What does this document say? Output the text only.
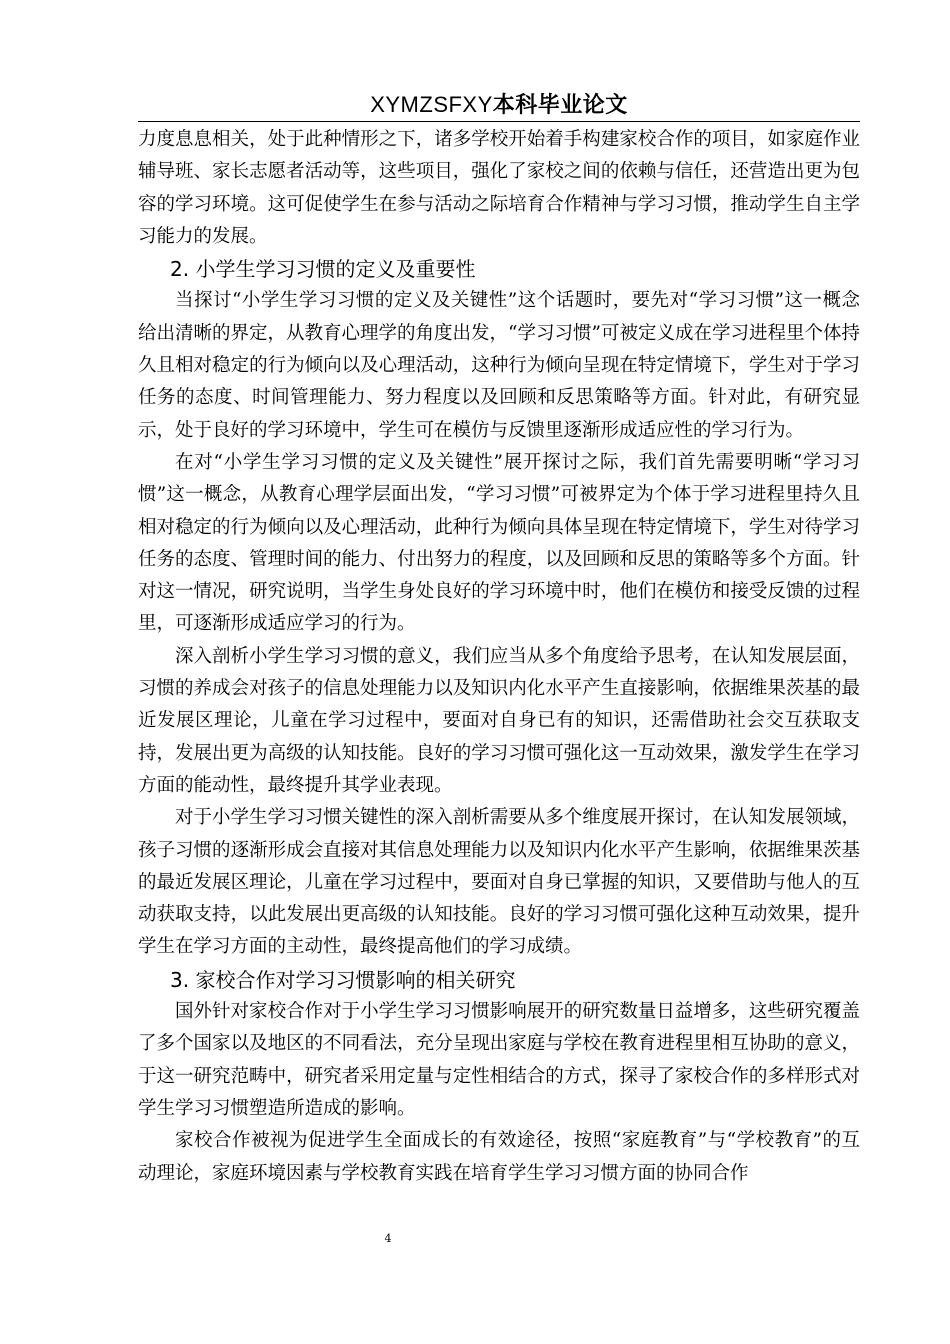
XYMZSFXY本科毕业论文

力度息息相关，处于此种情形之下，诸多学校开始着手构建家校合作的项目，如家庭作业辅导班、家长志愿者活动等，这些项目，强化了家校之间的依赖与信任，还营造出更为包容的学习环境。这可促使学生在参与活动之际培育合作精神与学习习惯，推动学生自主学习能力的发展。

2. 小学生学习习惯的定义及重要性

当探讨“小学生学习习惯的定义及关键性”这个话题时，要先对“学习习惯”这一概念给出清晰的界定，从教育心理学的角度出发，“学习习惯”可被定义成在学习进程里个体持久且相对稳定的行为倾向以及心理活动，这种行为倾向呈现在特定情境下，学生对于学习任务的态度、时间管理能力、努力程度以及回顾和反思策略等方面。针对此，有研究显示，处于良好的学习环境中，学生可在模仿与反馈里逐渐形成适应性的学习行为。

在对“小学生学习习惯的定义及关键性”展开探讨之际，我们首先需要明晰“学习习惯”这一概念，从教育心理学层面出发，“学习习惯”可被界定为个体于学习进程里持久且相对稳定的行为倾向以及心理活动，此种行为倾向具体呈现在特定情境下，学生对待学习任务的态度、管理时间的能力、付出努力的程度，以及回顾和反思的策略等多个方面。针对这一情况，研究说明，当学生身处良好的学习环境中时，他们在模仿和接受反馈的过程里，可逐渐形成适应学习的行为。

深入剖析小学生学习习惯的意义，我们应当从多个角度给予思考，在认知发展层面，习惯的养成会对孩子的信息处理能力以及知识内化水平产生直接影响，依据维果茨基的最近发展区理论，儿童在学习过程中，要面对自身已有的知识，还需借助社会交互获取支持，发展出更为高级的认知技能。良好的学习习惯可强化这一互动效果，激发学生在学习方面的能动性，最终提升其学业表现。

对于小学生学习习惯关键性的深入剖析需要从多个维度展开探讨，在认知发展领域，孩子习惯的逐渐形成会直接对其信息处理能力以及知识内化水平产生影响，依据维果茨基的最近发展区理论，儿童在学习过程中，要面对自身已掌握的知识，又要借助与他人的互动获取支持，以此发展出更高级的认知技能。良好的学习习惯可强化这种互动效果，提升学生在学习方面的主动性，最终提高他们的学习成绩。

3. 家校合作对学习习惯影响的相关研究

国外针对家校合作对于小学生学习习惯影响展开的研究数量日益增多，这些研究覆盖了多个国家以及地区的不同看法，充分呈现出家庭与学校在教育进程里相互协助的意义，于这一研究范畴中，研究者采用定量与定性相结合的方式，探寻了家校合作的多样形式对学生学习习惯塑造所造成的影响。

家校合作被视为促进学生全面成长的有效途径，按照“家庭教育”与“学校教育”的互动理论，家庭环境因素与学校教育实践在培育学生学习习惯方面的协同合作

4
